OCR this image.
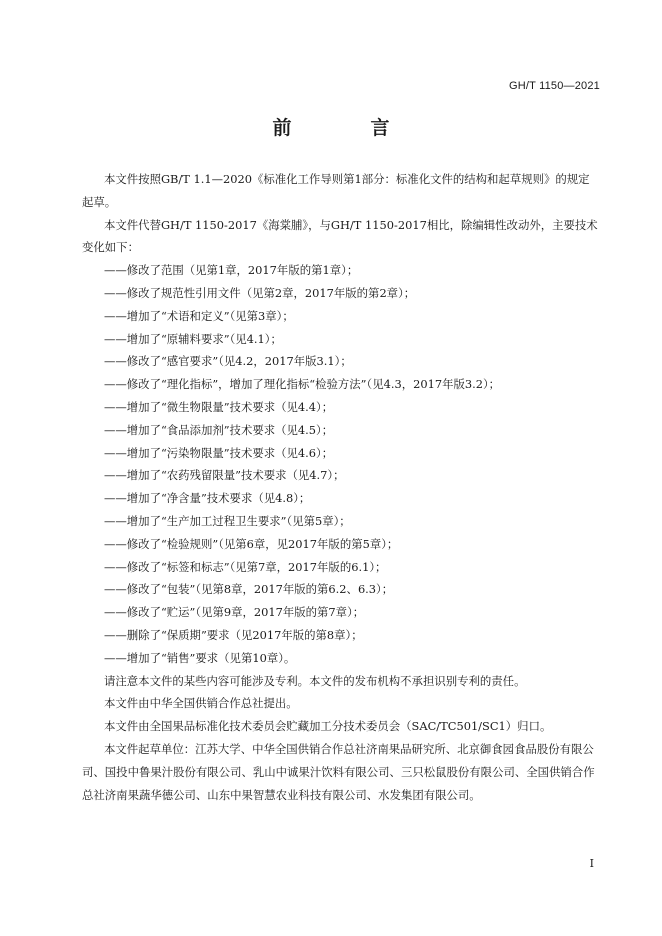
GH/T 1150—2021
前　言

本文件按照GB/T 1.1—2020《标准化工作导则第1部分：标准化文件的结构和起草规则》的规定起草。

本文件代替GH/T 1150-2017《海棠脯》，与GH/T 1150-2017相比，除编辑性改动外，主要技术变化如下：

——修改了范围（见第1章，2017年版的第1章）；

——修改了规范性引用文件（见第2章，2017年版的第2章）；

——增加了“术语和定义”（见第3章）；

——增加了“原辅料要求”（见4.1）；

——修改了“感官要求”（见4.2，2017年版3.1）；

——修改了“理化指标”，增加了理化指标“检验方法”（见4.3，2017年版3.2）；

——增加了“微生物限量”技术要求（见4.4）；

——增加了“食品添加剂”技术要求（见4.5）；

——增加了“污染物限量”技术要求（见4.6）；

——增加了“农药残留限量”技术要求（见4.7）；

——增加了“净含量”技术要求（见4.8）；

——增加了“生产加工过程卫生要求”（见第5章）；

——修改了“检验规则”（见第6章，见2017年版的第5章）；

——修改了“标签和标志”（见第7章，2017年版的6.1）；

——修改了“包装”（见第8章，2017年版的第6.2、6.3）；

——修改了“贮运”（见第9章，2017年版的第7章）；

——删除了“保质期”要求（见2017年版的第8章）；

——增加了“销售”要求（见第10章）。

请注意本文件的某些内容可能涉及专利。本文件的发布机构不承担识别专利的责任。

本文件由中华全国供销合作总社提出。

本文件由全国果品标准化技术委员会贮藏加工分技术委员会（SAC/TC501/SC1）归口。

本文件起草单位：江苏大学、中华全国供销合作总社济南果品研究所、北京御食园食品股份有限公司、国投中鲁果汁股份有限公司、乳山中诚果汁饮料有限公司、三只松鼠股份有限公司、全国供销合作总社济南果蔬华德公司、山东中果智慧农业科技有限公司、水发集团有限公司。

I
